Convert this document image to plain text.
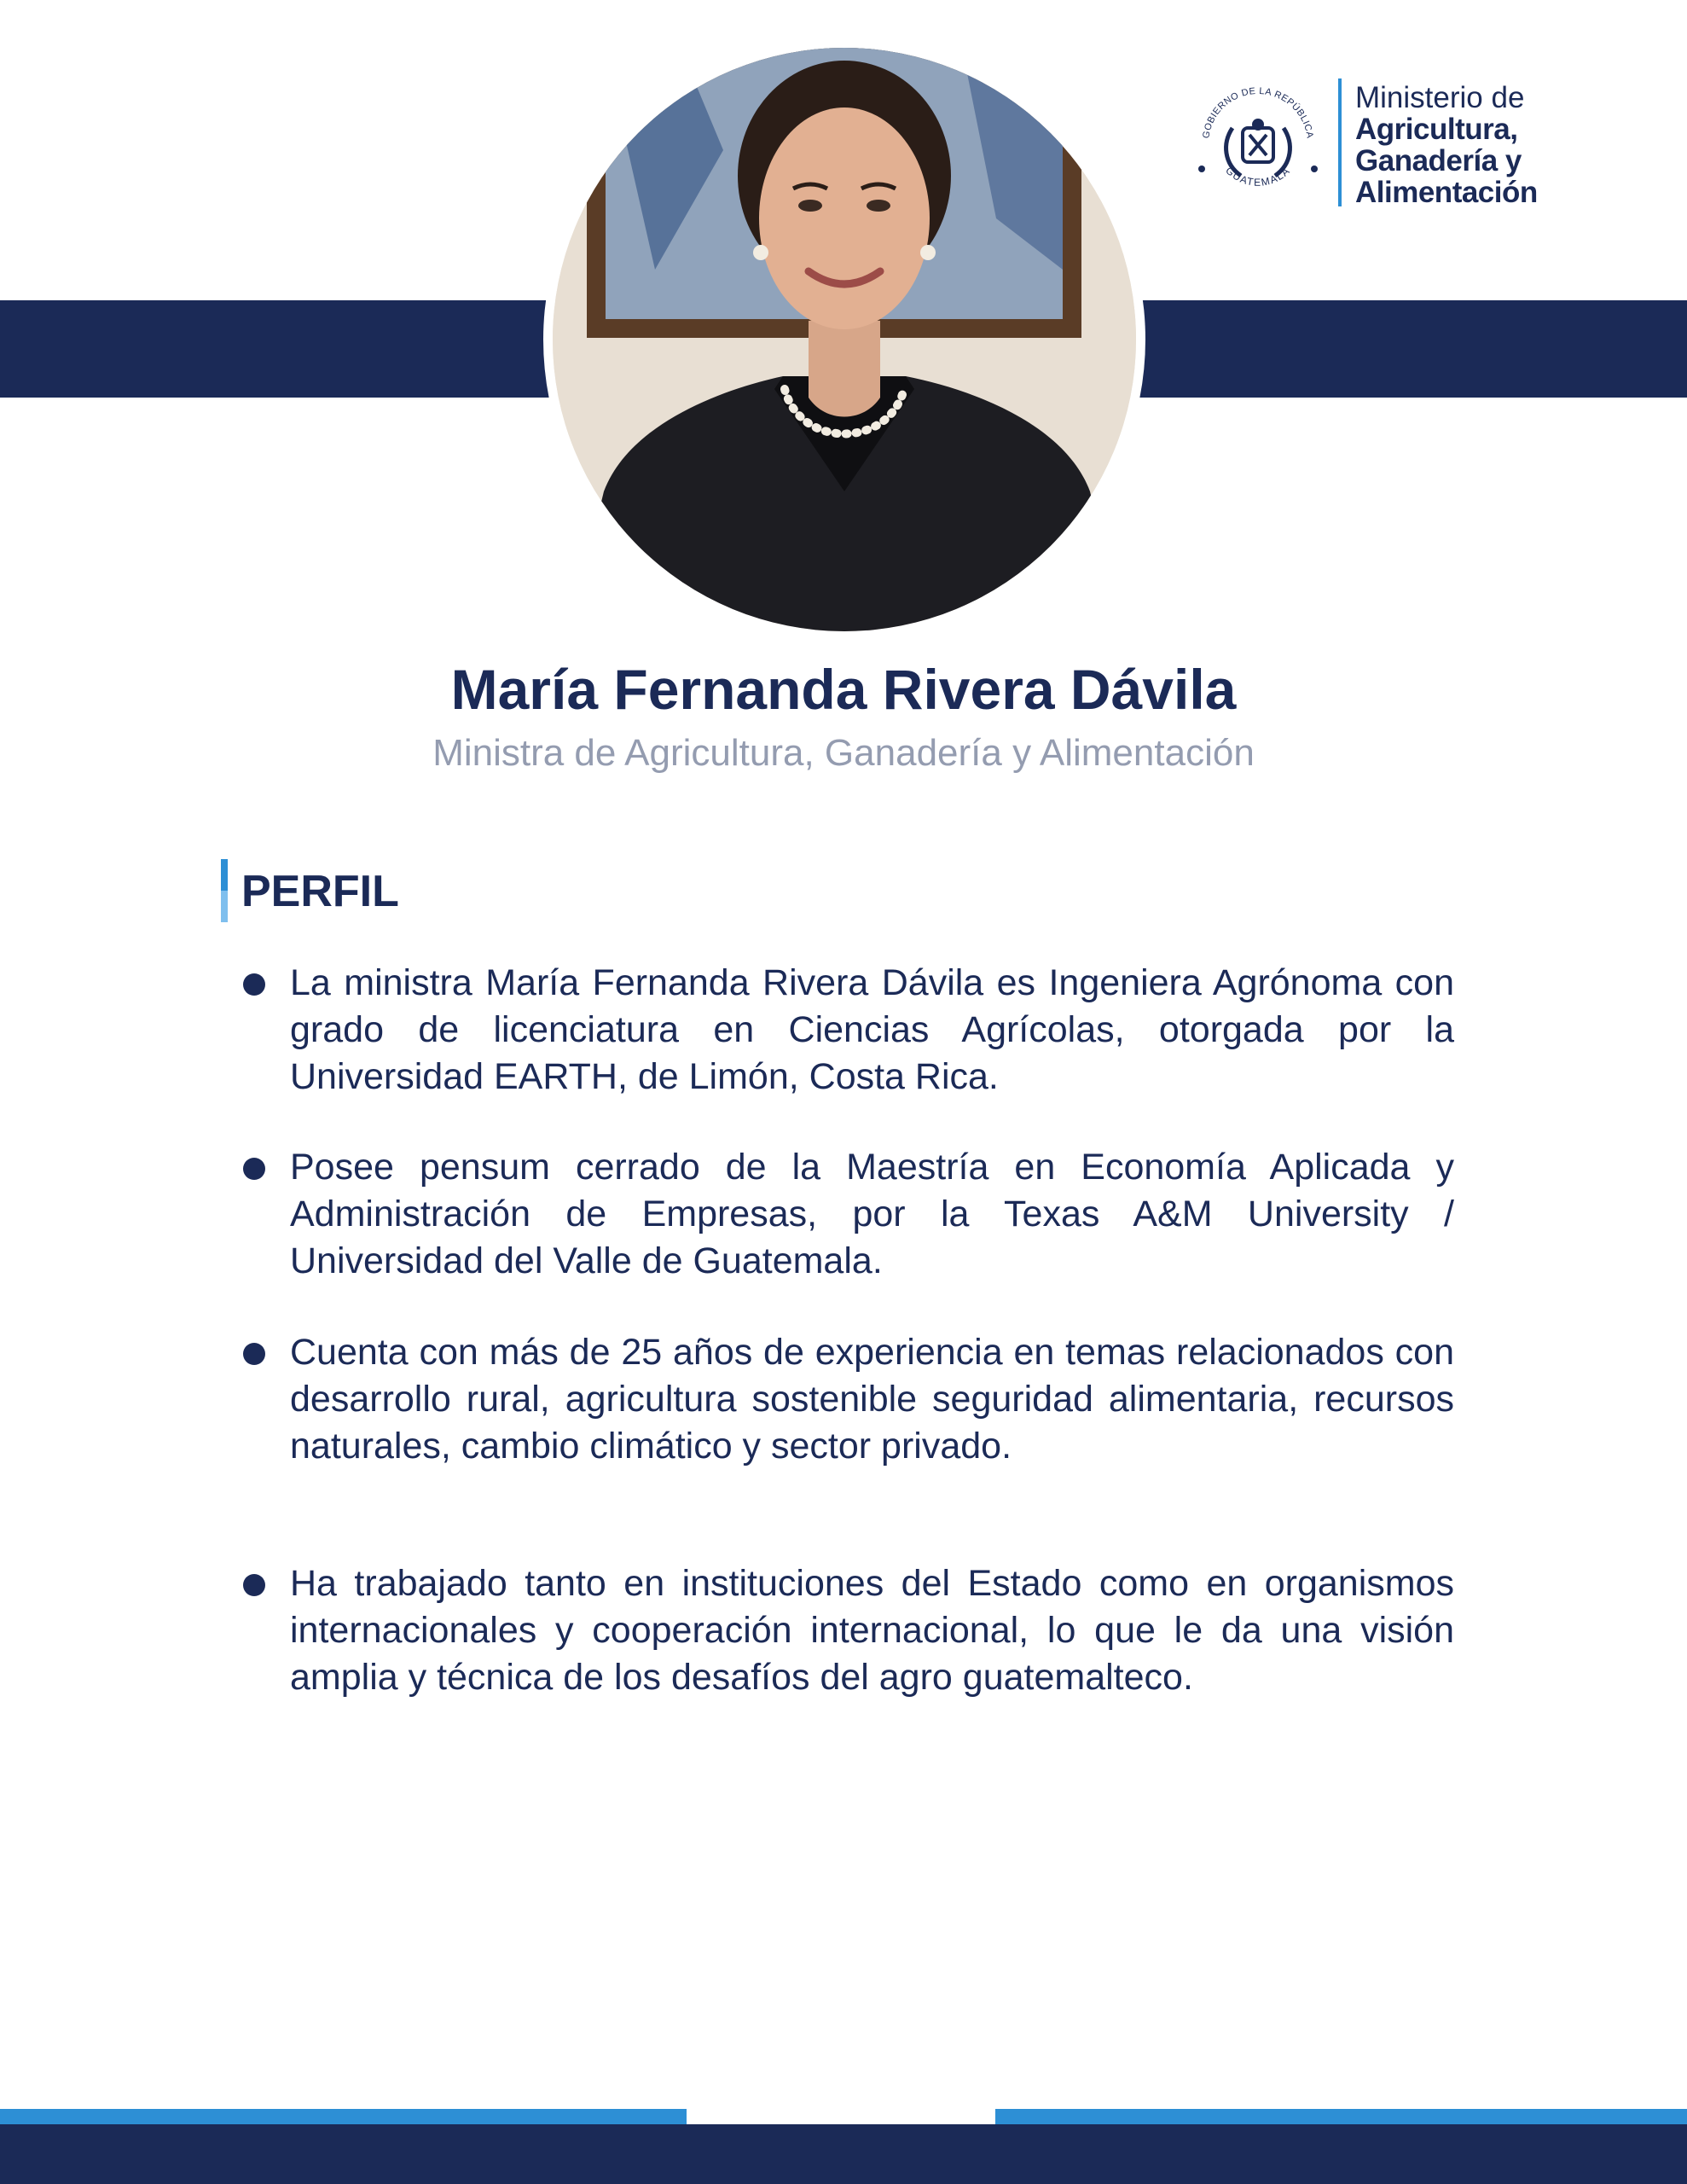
GOBIERNO DE LA REPÚBLICA
GUATEMALA
Ministerio de
Agricultura,
Ganadería y
Alimentación
María Fernanda Rivera Dávila
Ministra de Agricultura, Ganadería y Alimentación
PERFIL

La ministra María Fernanda Rivera Dávila es Ingeniera Agrónoma con grado de licenciatura en Ciencias Agrícolas, otorgada por la Universidad EARTH, de Limón, Costa Rica.

Posee pensum cerrado de la Maestría en Economía Aplicada y Administración de Empresas, por la Texas A&M University / Universidad del Valle de Guatemala.

Cuenta con más de 25 años de experiencia en temas relacionados con desarrollo rural, agricultura sostenible seguridad alimentaria, recursos naturales, cambio climático y sector privado.

Ha trabajado tanto en instituciones del Estado como en organismos internacionales y cooperación internacional, lo que le da una visión amplia y técnica de los desafíos del agro guatemalteco.
